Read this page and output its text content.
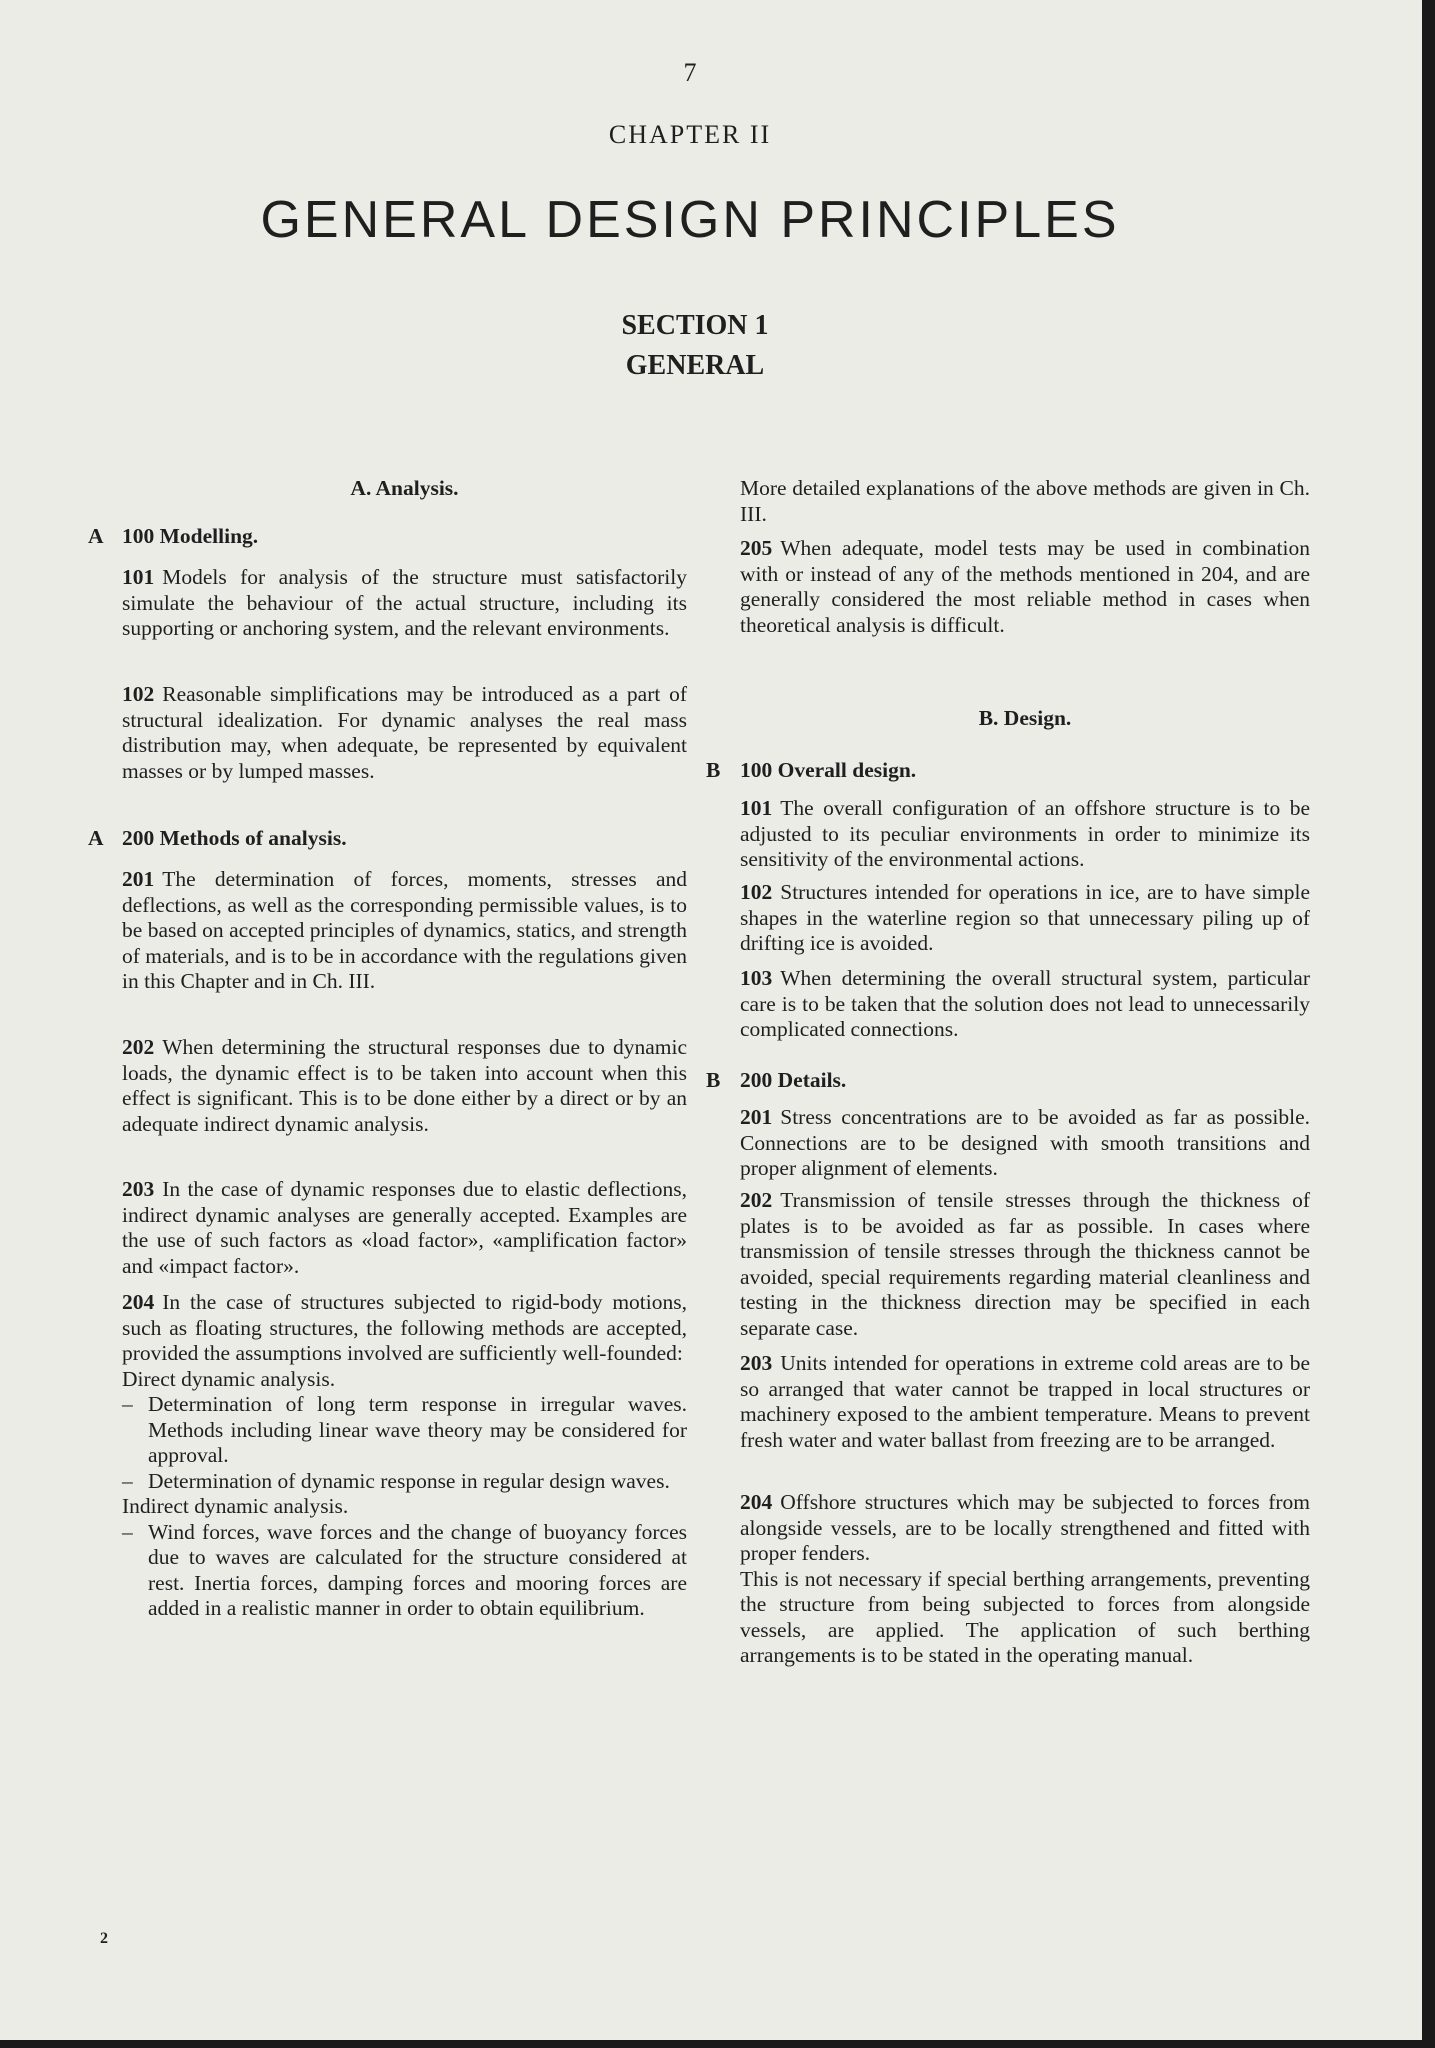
7
CHAPTER II
GENERAL DESIGN PRINCIPLES
SECTION 1
GENERAL
A. Analysis.
A 100 Modelling.

101 Models for analysis of the structure must satisfactorily simulate the behaviour of the actual structure, including its supporting or anchoring system, and the relevant environments.

102 Reasonable simplifications may be introduced as a part of structural idealization. For dynamic analyses the real mass distribution may, when adequate, be represented by equivalent masses or by lumped masses.

A 200 Methods of analysis.

201 The determination of forces, moments, stresses and deflections, as well as the corresponding permissible values, is to be based on accepted principles of dynamics, statics, and strength of materials, and is to be in accordance with the regulations given in this Chapter and in Ch. III.

202 When determining the structural responses due to dynamic loads, the dynamic effect is to be taken into account when this effect is significant. This is to be done either by a direct or by an adequate indirect dynamic analysis.

203 In the case of dynamic responses due to elastic deflections, indirect dynamic analyses are generally accepted. Examples are the use of such factors as «load factor», «amplification factor» and «impact factor».

204 In the case of structures subjected to rigid-body motions, such as floating structures, the following methods are accepted, provided the assumptions involved are sufficiently well-founded:

Direct dynamic analysis.

– Determination of long term response in irregular waves. Methods including linear wave theory may be considered for approval.
– Determination of dynamic response in regular design waves.

Indirect dynamic analysis.

– Wind forces, wave forces and the change of buoyancy forces due to waves are calculated for the structure considered at rest. Inertia forces, damping forces and mooring forces are added in a realistic manner in order to obtain equilibrium.

More detailed explanations of the above methods are given in Ch. III.

205 When adequate, model tests may be used in combination with or instead of any of the methods mentioned in 204, and are generally considered the most reliable method in cases when theoretical analysis is difficult.

B. Design.
B 100 Overall design.

101 The overall configuration of an offshore structure is to be adjusted to its peculiar environments in order to minimize its sensitivity of the environmental actions.

102 Structures intended for operations in ice, are to have simple shapes in the waterline region so that unnecessary piling up of drifting ice is avoided.

103 When determining the overall structural system, particular care is to be taken that the solution does not lead to unnecessarily complicated connections.

B 200 Details.

201 Stress concentrations are to be avoided as far as possible. Connections are to be designed with smooth transitions and proper alignment of elements.

202 Transmission of tensile stresses through the thickness of plates is to be avoided as far as possible. In cases where transmission of tensile stresses through the thickness cannot be avoided, special requirements regarding material cleanliness and testing in the thickness direction may be specified in each separate case.

203 Units intended for operations in extreme cold areas are to be so arranged that water cannot be trapped in local structures or machinery exposed to the ambient temperature. Means to prevent fresh water and water ballast from freezing are to be arranged.

204 Offshore structures which may be subjected to forces from alongside vessels, are to be locally strengthened and fitted with proper fenders.

This is not necessary if special berthing arrangements, preventing the structure from being subjected to forces from alongside vessels, are applied. The application of such berthing arrangements is to be stated in the operating manual.

2
